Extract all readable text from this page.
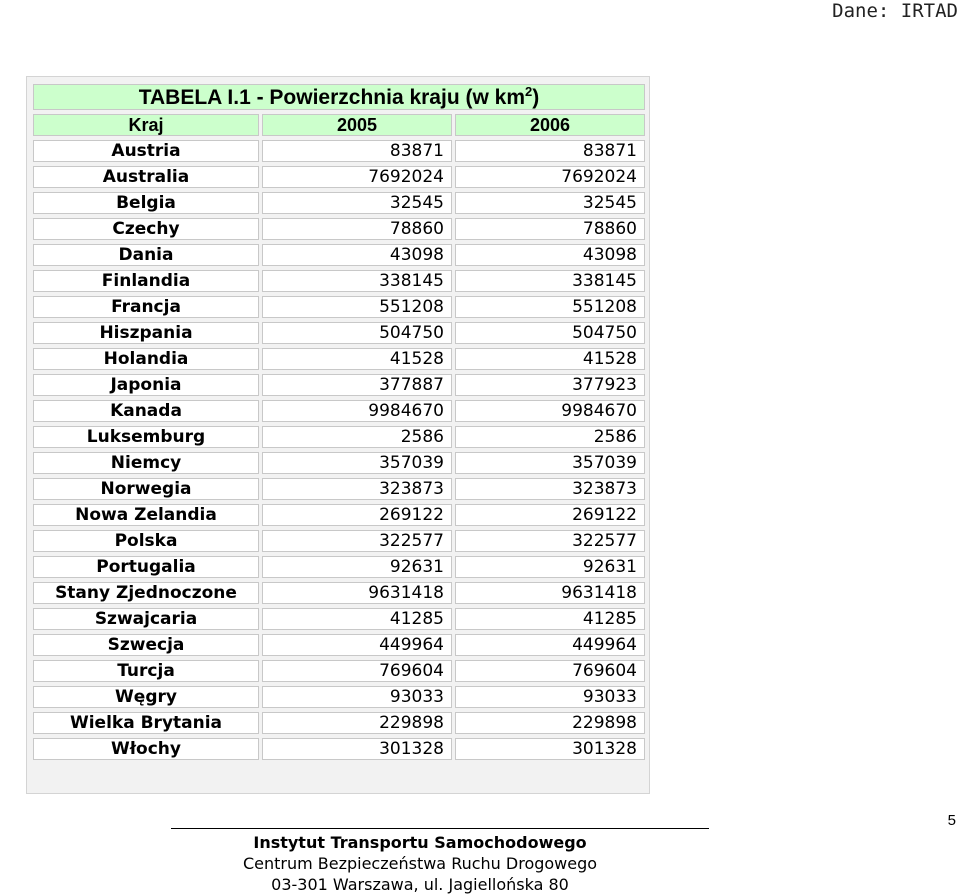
Dane: IRTAD
TABELA I.1 - Powierzchnia kraju (w $km^2$)		
Kraj	2005	2006
Austria	83871	83871
Australia	7692024	7692024
Belgia	32545	32545
Czechy	78860	78860
Dania	43098	43098
Finlandia	338145	338145
Francja	551208	551208
Hiszpania	504750	504750
Holandia	41528	41528
Japonia	377887	377923
Kanada	9984670	9984670
Luksemburg	2586	2586
Niemcy	357039	357039
Norwegia	323873	323873
Nowa Zelandia	269122	269122
Polska	322577	322577
Portugalia	92631	92631
Stany Zjednoczone	9631418	9631418
Szwajcaria	41285	41285
Szwecja	449964	449964
Turcja	769604	769604
Węgry	93033	93033
Wielka Brytania	229898	229898
Włochy	301328	301328
5
Instytut Transportu Samochodowego
Centrum Bezpieczeństwa Ruchu Drogowego
03-301 Warszawa, ul. Jagiellońska 80
